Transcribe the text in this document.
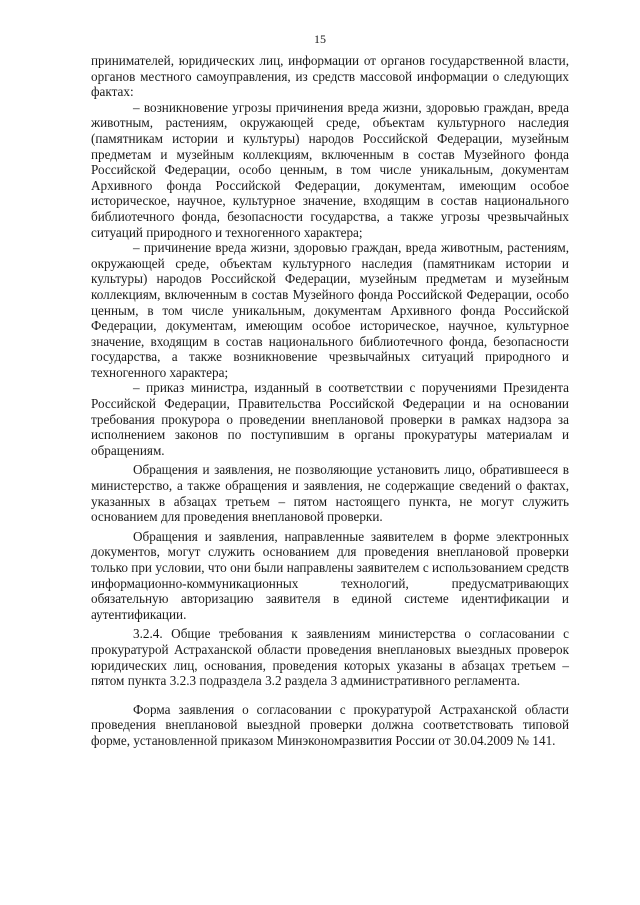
15

принимателей, юридических лиц, информации от органов государственной власти, органов местного самоуправления, из средств массовой информации о следующих фактах:

– возникновение угрозы причинения вреда жизни, здоровью граждан, вреда животным, растениям, окружающей среде, объектам культурного наследия (памятникам истории и культуры) народов Российской Федерации, музейным предметам и музейным коллекциям, включенным в состав Музейного фонда Российской Федерации, особо ценным, в том числе уникальным, документам Архивного фонда Российской Федерации, документам, имеющим особое историческое, научное, культурное значение, входящим в состав национального библиотечного фонда, безопасности государства, а также угрозы чрезвычайных ситуаций природного и техногенного характера;

– причинение вреда жизни, здоровью граждан, вреда животным, растениям, окружающей среде, объектам культурного наследия (памятникам истории и культуры) народов Российской Федерации, музейным предметам и музейным коллекциям, включенным в состав Музейного фонда Российской Федерации, особо ценным, в том числе уникальным, документам Архивного фонда Российской Федерации, документам, имеющим особое историческое, научное, культурное значение, входящим в состав национального библиотечного фонда, безопасности государства, а также возникновение чрезвычайных ситуаций природного и техногенного характера;

– приказ министра, изданный в соответствии с поручениями Президента Российской Федерации, Правительства Российской Федерации и на основании требования прокурора о проведении внеплановой проверки в рамках надзора за исполнением законов по поступившим в органы прокуратуры материалам и обращениям.

Обращения и заявления, не позволяющие установить лицо, обратившееся в министерство, а также обращения и заявления, не содержащие сведений о фактах, указанных в абзацах третьем – пятом настоящего пункта, не могут служить основанием для проведения внеплановой проверки.

Обращения и заявления, направленные заявителем в форме электронных документов, могут служить основанием для проведения внеплановой проверки только при условии, что они были направлены заявителем с использованием средств информационно-коммуникационных технологий, предусматривающих обязательную авторизацию заявителя в единой системе идентификации и аутентификации.

3.2.4. Общие требования к заявлениям министерства о согласовании с прокуратурой Астраханской области проведения внеплановых выездных проверок юридических лиц, основания, проведения которых указаны в абзацах третьем – пятом пункта 3.2.3 подраздела 3.2 раздела 3 административного регламента.

Форма заявления о согласовании с прокуратурой Астраханской области проведения внеплановой выездной проверки должна соответствовать типовой форме, установленной приказом Минэкономразвития России от 30.04.2009 № 141.
